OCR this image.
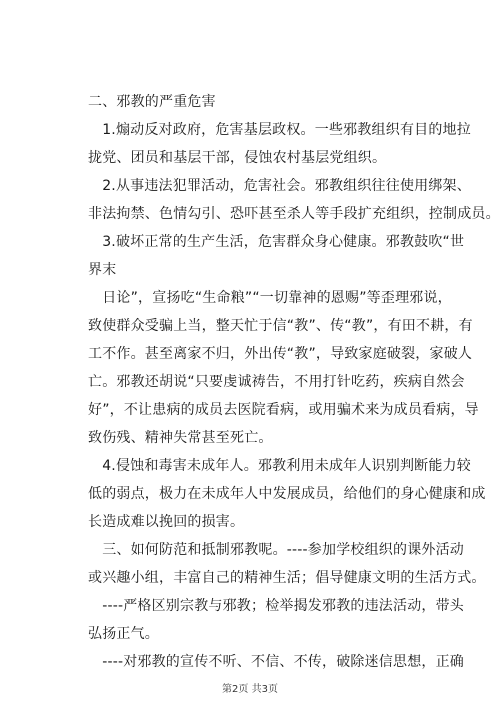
二、邪教的严重危害
　1.煽动反对政府，危害基层政权。一些邪教组织有目的地拉
拢党、团员和基层干部，侵蚀农村基层党组织。
　2.从事违法犯罪活动，危害社会。邪教组织往往使用绑架、
非法拘禁、色情勾引、恐吓甚至杀人等手段扩充组织，控制成员。
　3.破坏正常的生产生活，危害群众身心健康。邪教鼓吹“世
界末
　日论”，宣扬吃“生命粮”“一切靠神的恩赐”等歪理邪说，
致使群众受骗上当，整天忙于信“教”、传“教”，有田不耕，有
工不作。甚至离家不归，外出传“教”，导致家庭破裂，家破人
亡。邪教还胡说“只要虔诚祷告，不用打针吃药，疾病自然会
好”，不让患病的成员去医院看病，或用骗术来为成员看病，导
致伤残、精神失常甚至死亡。
　4.侵蚀和毒害未成年人。邪教利用未成年人识别判断能力较
低的弱点，极力在未成年人中发展成员，给他们的身心健康和成
长造成难以挽回的损害。
　三、如何防范和抵制邪教呢。----参加学校组织的课外活动
或兴趣小组，丰富自己的精神生活；倡导健康文明的生活方式。
　----严格区别宗教与邪教；检举揭发邪教的违法活动，带头
弘扬正气。
　----对邪教的宣传不听、不信、不传，破除迷信思想，正确
第2页 共3页
